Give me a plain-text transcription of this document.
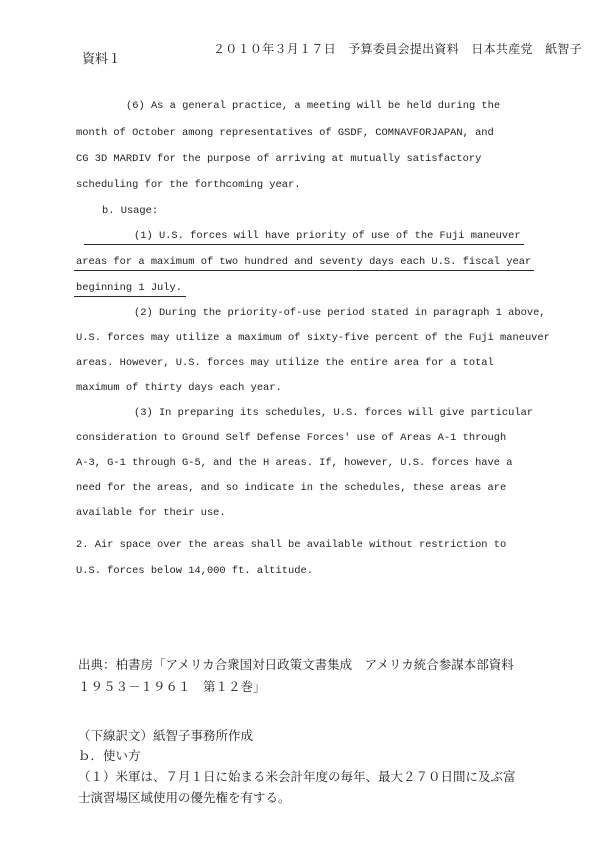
資料１
２０１０年３月１７日　予算委員会提出資料　日本共産党　紙智子
(6) As a general practice, a meeting will be held during the
month of October among representatives of GSDF, COMNAVFORJAPAN, and
CG 3D MARDIV for the purpose of arriving at mutually satisfactory
scheduling for the forthcoming year.
b. Usage:
(1) U.S. forces will have priority of use of the Fuji maneuver
areas for a maximum of two hundred and seventy days each U.S. fiscal year
beginning 1 July.
(2) During the priority-of-use period stated in paragraph 1 above,
U.S. forces may utilize a maximum of sixty-five percent of the Fuji maneuver
areas. However, U.S. forces may utilize the entire area for a total
maximum of thirty days each year.
(3) In preparing its schedules, U.S. forces will give particular
consideration to Ground Self Defense Forces' use of Areas A-1 through
A-3, G-1 through G-5, and the H areas. If, however, U.S. forces have a
need for the areas, and so indicate in the schedules, these areas are
available for their use.
2. Air space over the areas shall be available without restriction to
U.S. forces below 14,000 ft. altitude.
出典：柏書房「アメリカ合衆国対日政策文書集成　アメリカ統合参謀本部資料
１９５３－１９６１　第１２巻」
（下線訳文）紙智子事務所作成
ｂ．使い方
（１）米軍は、７月１日に始まる米会計年度の毎年、最大２７０日間に及ぶ富
士演習場区域使用の優先権を有する。
